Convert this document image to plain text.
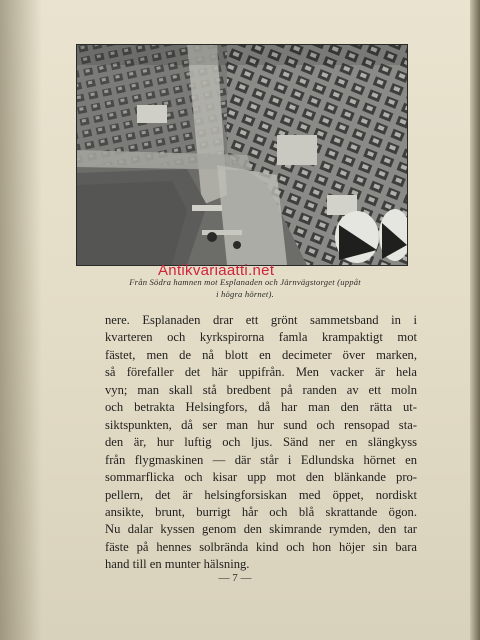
Antikvariaatti.net
Från Södra hamnen mot Esplanaden och Järnvägstorget (uppåt
i högra hörnet).
nere. Esplanaden drar ett grönt sammetsband in i
kvarteren och kyrkspirorna famla krampaktigt mot
fästet, men de nå blott en decimeter över marken,
så förefaller det här uppifrån. Men vacker är hela
vyn; man skall stå bredbent på randen av ett moln
och betrakta Helsingfors, då har man den rätta ut-
siktspunkten, då ser man hur sund och rensopad sta-
den är, hur luftig och ljus. Sänd ner en slängkyss
från flygmaskinen — där står i Edlundska hörnet en
sommarflicka och kisar upp mot den blänkande pro-
pellern, det är helsingforsiskan med öppet, nordiskt
ansikte, brunt, burrigt hår och blå skrattande ögon.
Nu dalar kyssen genom den skimrande rymden, den tar
fäste på hennes solbrända kind och hon höjer sin bara
hand till en munter hälsning.
— 7 —
